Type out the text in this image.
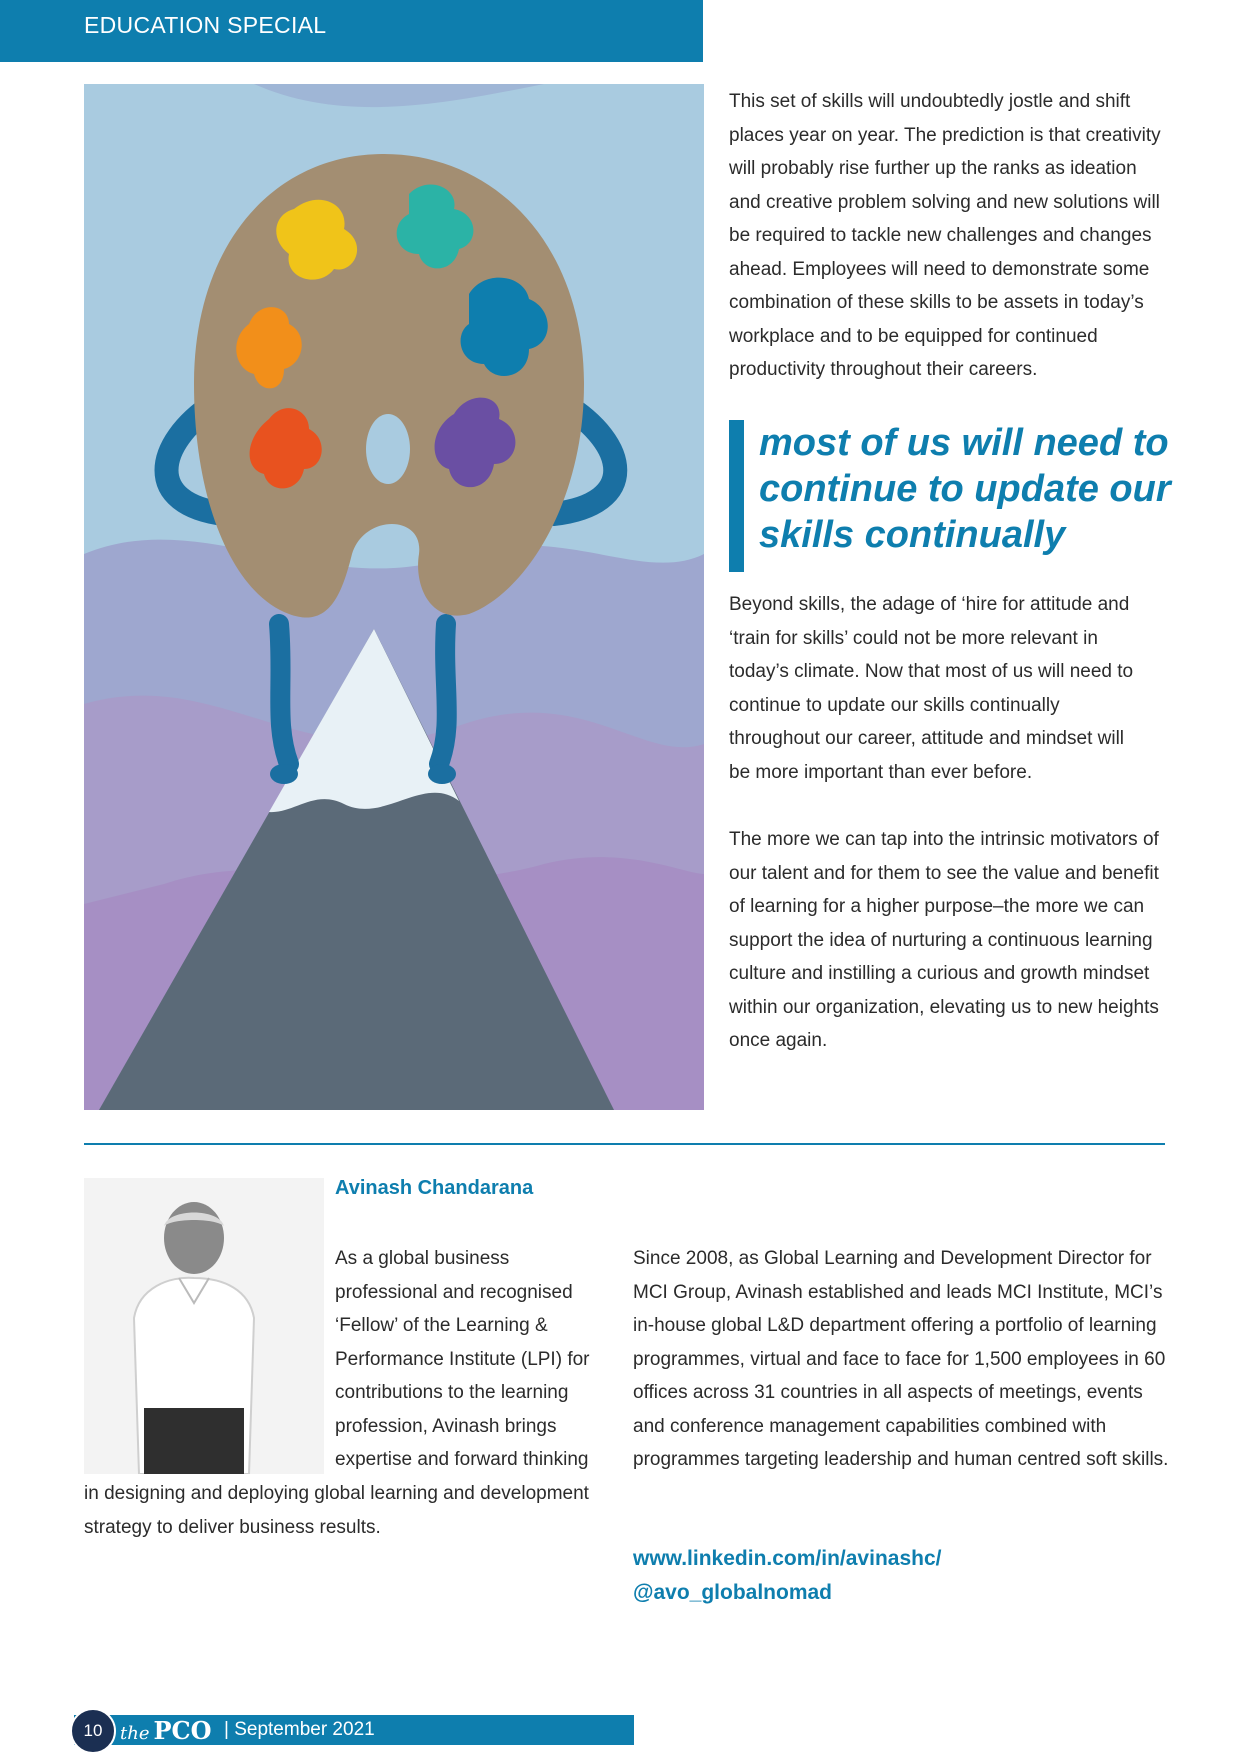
EDUCATION SPECIAL
This set of skills will undoubtedly jostle and shift places year on year. The prediction is that creativity will probably rise further up the ranks as ideation and creative problem solving and new solutions will be required to tackle new challenges and changes ahead. Employees will need to demonstrate some combination of these skills to be assets in today’s workplace and to be equipped for continued productivity throughout their careers.
most of us will need to continue to update our skills continually
Beyond skills, the adage of ‘hire for attitude and ‘train for skills’ could not be more relevant in today’s climate. Now that most of us will need to continue to update our skills continually throughout our career, attitude and mindset will be more important than ever before.
The more we can tap into the intrinsic motivators of our talent and for them to see the value and benefit of learning for a higher purpose–the more we can support the idea of nurturing a continuous learning culture and instilling a curious and growth mindset within our organization, elevating us to new heights once again.
Avinash Chandarana
As a global business professional and recognised ‘Fellow’ of the Learning & Performance Institute (LPI) for contributions to the learning profession, Avinash brings expertise and forward thinking
in designing and deploying global learning and development strategy to deliver business results.
Since 2008, as Global Learning and Development Director for MCI Group, Avinash established and leads MCI Institute, MCI’s in-house global L&D department offering a portfolio of learning programmes, virtual and face to face for 1,500 employees in 60 offices across 31 countries in all aspects of meetings, events and conference management capabilities combined with programmes targeting leadership and human centred soft skills.
www.linkedin.com/in/avinashc/
@avo_globalnomad
10 the PCO | September 2021
